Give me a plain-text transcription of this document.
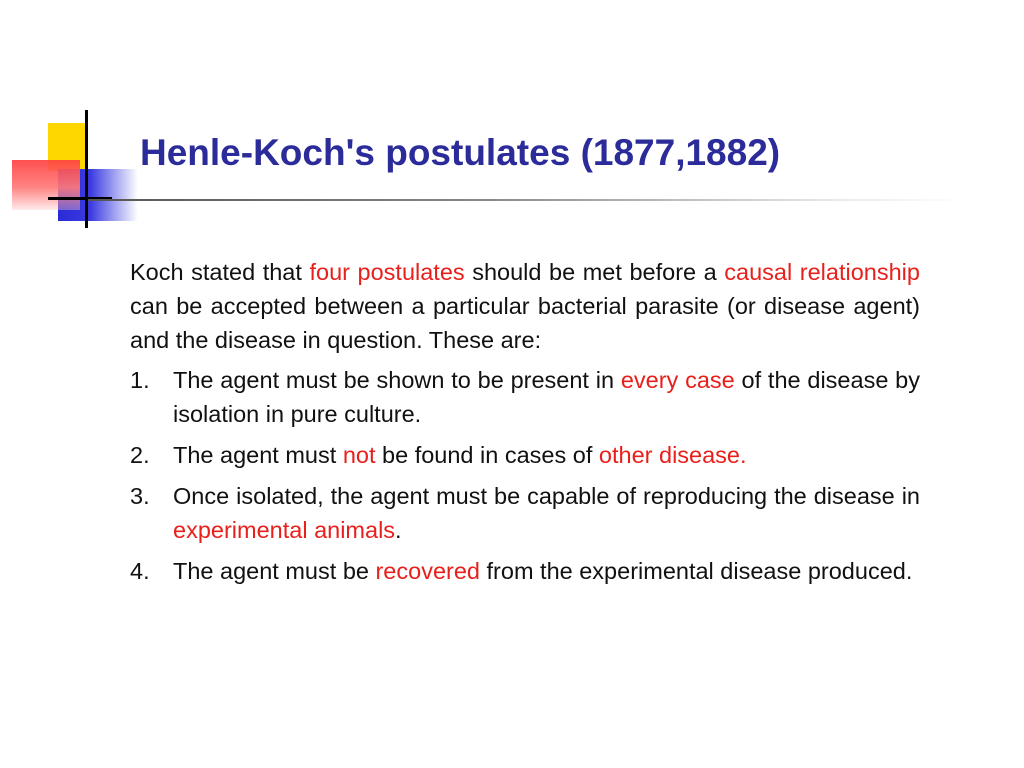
Henle-Koch's postulates (1877,1882)

Koch stated that four postulates should be met before a causal relationship can be accepted between a particular bacterial parasite (or disease agent) and the disease in question. These are:

1. The agent must be shown to be present in every case of the disease by isolation in pure culture.
2. The agent must not be found in cases of other disease.
3. Once isolated, the agent must be capable of reproducing the disease in experimental animals.
4. The agent must be recovered from the experimental disease produced.
